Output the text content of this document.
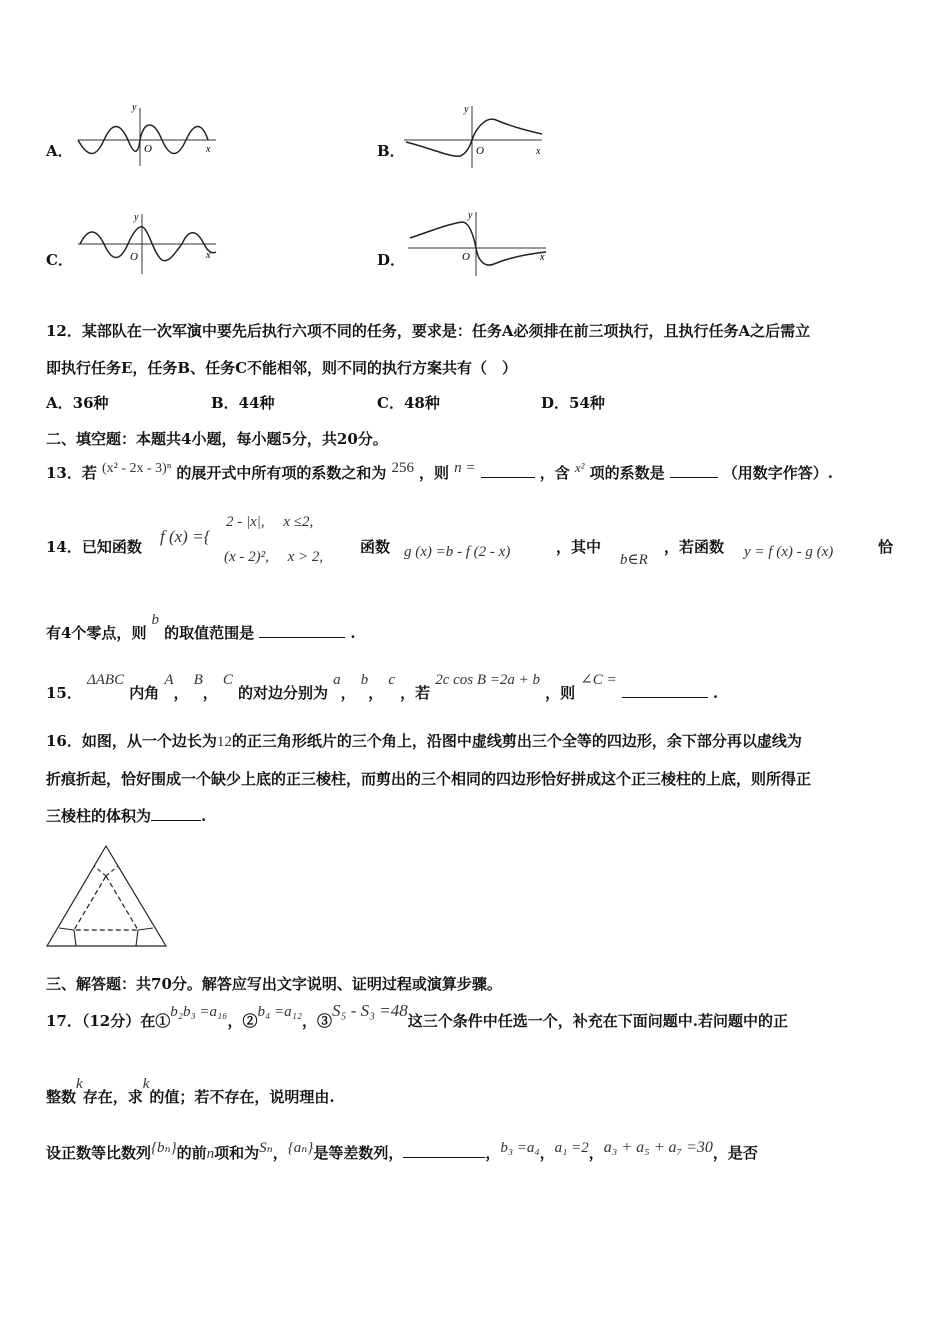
A．
y
O	x	B．
y
O	x
C．
y
O	x	D．
y
O	x
12．某部队在一次军演中要先后执行六项不同的任务，要求是：任务A必须排在前三项执行，且执行任务A之后需立
即执行任务E，任务B、任务C不能相邻，则不同的执行方案共有（　）
A．36种	B．44种	C．48种	D．54种
二、填空题：本题共4小题，每小题5分，共20分。
13．若 (x² - 2x - 3)ⁿ 的展开式中所有项的系数之和为 256 ，则 n =	，含 x² 项的系数是	（用数字作答）.
14．已知函数
f (x) ={
2 - |x|,　 x ≤2,
(x - 2)²,　 x > 2,
函数 g (x) =b - f (2 - x)	，其中
b∈R
，若函数 y = f (x) - g (x)	恰
有4个零点，则 b 的取值范围是	.
15． ΔABC 内角 A， B， C 的对边分别为 a， b， c ，若 2c cos B =2a + b ，则 ∠C =  .
16．如图，从一个边长为12的正三角形纸片的三个角上，沿图中虚线剪出三个全等的四边形，余下部分再以虚线为
折痕折起，恰好围成一个缺少上底的正三棱柱，而剪出的三个相同的四边形恰好拼成这个正三棱柱的上底，则所得正
三棱柱的体积为	.
三、解答题：共70分。解答应写出文字说明、证明过程或演算步骤。
17．（12分）在①b₂b₃ =a₁₆，②b₄ =a₁₂，③S₅ - S₃ =48这三个条件中任选一个，补充在下面问题中.若问题中的正
整数k存在，求k的值；若不存在，说明理由.
设正数等比数列{bₙ}的前n项和为Sₙ，{aₙ}是等差数列，	，b₃ =a₄，a₁ =2，a₃ + a₅ + a₇ =30，是否
